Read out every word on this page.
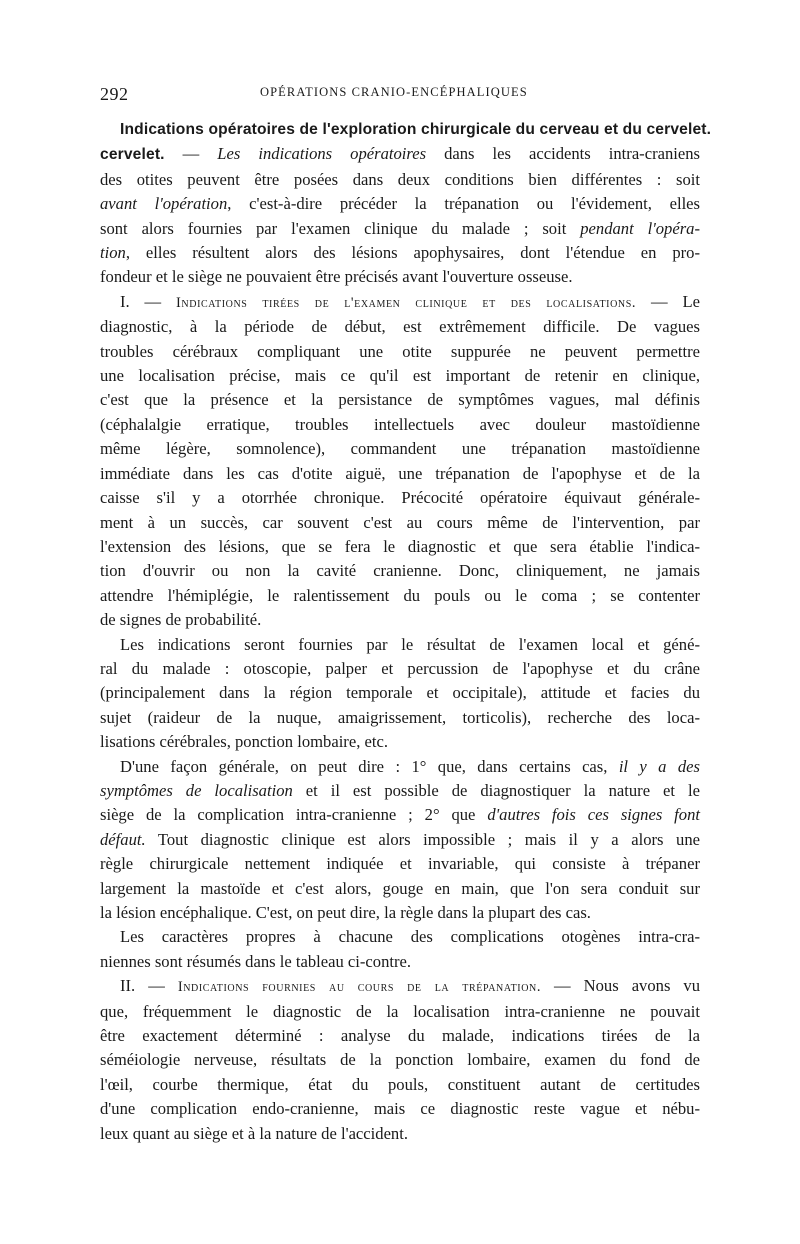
292	OPÉRATIONS CRANIO-ENCÉPHALIQUES
Indications opératoires de l'exploration chirurgicale du cerveau et du cervelet.
cervelet. — Les indications opératoires dans les accidents intra-craniens
des otites peuvent être posées dans deux conditions bien différentes : soit
avant l'opération, c'est-à-dire précéder la trépanation ou l'évidement, elles
sont alors fournies par l'examen clinique du malade ; soit pendant l'opéra-
tion, elles résultent alors des lésions apophysaires, dont l'étendue en pro-
fondeur et le siège ne pouvaient être précisés avant l'ouverture osseuse.
I. — Indications tirées de l'examen clinique et des localisations. — Le
diagnostic, à la période de début, est extrêmement difficile. De vagues
troubles cérébraux compliquant une otite suppurée ne peuvent permettre
une localisation précise, mais ce qu'il est important de retenir en clinique,
c'est que la présence et la persistance de symptômes vagues, mal définis
(céphalalgie erratique, troubles intellectuels avec douleur mastoïdienne
même légère, somnolence), commandent une trépanation mastoïdienne
immédiate dans les cas d'otite aiguë, une trépanation de l'apophyse et de la
caisse s'il y a otorrhée chronique. Précocité opératoire équivaut générale-
ment à un succès, car souvent c'est au cours même de l'intervention, par
l'extension des lésions, que se fera le diagnostic et que sera établie l'indica-
tion d'ouvrir ou non la cavité cranienne. Donc, cliniquement, ne jamais
attendre l'hémiplégie, le ralentissement du pouls ou le coma ; se contenter
de signes de probabilité.
Les indications seront fournies par le résultat de l'examen local et géné-
ral du malade : otoscopie, palper et percussion de l'apophyse et du crâne
(principalement dans la région temporale et occipitale), attitude et facies du
sujet (raideur de la nuque, amaigrissement, torticolis), recherche des loca-
lisations cérébrales, ponction lombaire, etc.
D'une façon générale, on peut dire : 1° que, dans certains cas, il y a des
symptômes de localisation et il est possible de diagnostiquer la nature et le
siège de la complication intra-cranienne ; 2° que d'autres fois ces signes font
défaut. Tout diagnostic clinique est alors impossible ; mais il y a alors une
règle chirurgicale nettement indiquée et invariable, qui consiste à trépaner
largement la mastoïde et c'est alors, gouge en main, que l'on sera conduit sur
la lésion encéphalique. C'est, on peut dire, la règle dans la plupart des cas.
Les caractères propres à chacune des complications otogènes intra-cra-
niennes sont résumés dans le tableau ci-contre.
II. — Indications fournies au cours de la trépanation. — Nous avons vu
que, fréquemment le diagnostic de la localisation intra-cranienne ne pouvait
être exactement déterminé : analyse du malade, indications tirées de la
séméiologie nerveuse, résultats de la ponction lombaire, examen du fond de
l'œil, courbe thermique, état du pouls, constituent autant de certitudes
d'une complication endo-cranienne, mais ce diagnostic reste vague et nébu-
leux quant au siège et à la nature de l'accident.
